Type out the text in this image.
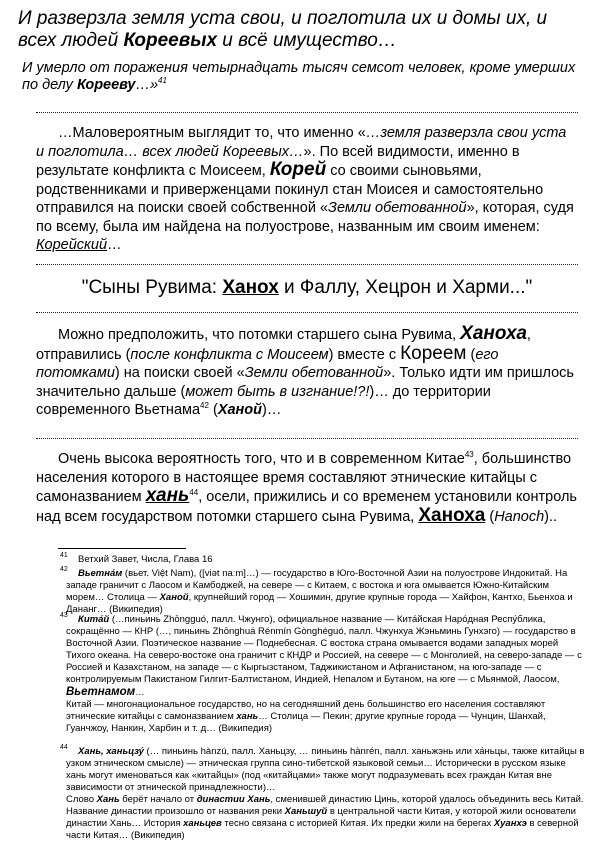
И разверзла земля уста свои, и поглотила их и домы их, и всех людей Кореевых и всё имущество…
И умерло от поражения четырнадцать тысяч семсот человек, кроме умерших по делу Корееву…»$^{41}$
…Маловероятным выглядит то, что именно «…земля разверзла свои уста и поглотила… всех людей Кореевых…». По всей видимости, именно в результате конфликта с Моисеем, Корей со своими сыновьями, родственниками и приверженцами покинул стан Моисея и самостоятельно отправился на поиски своей собственной «Земли обетованной», которая, судя по всему, была им найдена на полуострове, названным им своим именем: Корейский…
"Сыны Рувима: Ханох и Фаллу, Хецрон и Харми..."
Можно предположить, что потомки старшего сына Рувима, Ханоха, отправились (после конфликта с Моисеем) вместе с Кореем (его потомками) на поиски своей «Земли обетованной». Только идти им пришлось значительно дальше (может быть в изгнание!?!)… до территории современного Вьетнама$^{42}$ (Ханой)…
Очень высока вероятность того, что и в современном Китае$^{43}$, большинство населения которого в настоящее время составляют этнические китайцы с самоназванием хань$^{44}$, осели, прижились и со временем установили контроль над всем государством потомки старшего сына Рувима, Ханоха (Hanoch)..
41 Ветхий Завет, Числа, Глава 16
42 Вьетна́м (вьет. Việt Nam), ([viət naːm]…) — государство в Юго-Восточной Азии на полуострове Индокитай. На западе граничит с Лаосом и Камбоджей, на севере — с Китаем, с востока и юга омывается Южно-Китайским морем… Столица — Ханой, крупнейший город — Хошимин, другие крупные города — Хайфон, Кантхо, Бьенхоа и Дананг… (Википедия)
43 Кита́й (…пиньинь Zhōngguó, палл. Чжунго), официальное название — Кита́йская Наро́дная Респу́блика, сокращённо — КНР (…, пиньинь Zhōnghuá Rénmín Gònghéguó, палл. Чжунхуа Жэньминь Гунхэго) — государство в Восточной Азии. Поэтическое название — Поднебесная. С востока страна омывается водами западных морей Тихого океана. На северо-востоке она граничит с КНДР и Россией, на севере — с Монголией, на северо-западе — с Россией и Казахстаном, на западе — с Кыргызстаном, Таджикистаном и Афганистаном, на юго-западе — с контролируемым Пакистаном Гилгит-Балтистаном, Индией, Непалом и Бутаном, на юге — с Мьянмой, Лаосом,
Вьетнамом…
Китай — многонациональное государство, но на сегодняшний день большинство его населения составляют этнические китайцы с самоназванием хань… Столица — Пекин; другие крупные города — Чунцин, Шанхай, Гуанчжоу, Нанкин, Харбин и т. д… (Википедия)
44 Хань, ханьцзу́ (… пиньинь hànzú, палл. Ханьцзу, … пиньинь hànrén, палл. ханьжэнь или ха́ньцы, также китайцы в узком этническом смысле) — этническая группа сино-тибетской языковой семьи… Исторически в русском языке хань могут именоваться как «китайцы» (под «китайцами» также могут подразумевать всех граждан Китая вне зависимости от этнической принадлежности)…
Слово Хань берёт начало от династии Хань, сменившей династию Цинь, которой удалось объединить весь Китай. Название династии произошло от названия реки Ханьшуй в центральной части Китая, у которой жили основатели династии Хань… История ханьцев тесно связана с историей Китая. Их предки жили на берегах Хуанхэ в северной части Китая… (Википедия)
